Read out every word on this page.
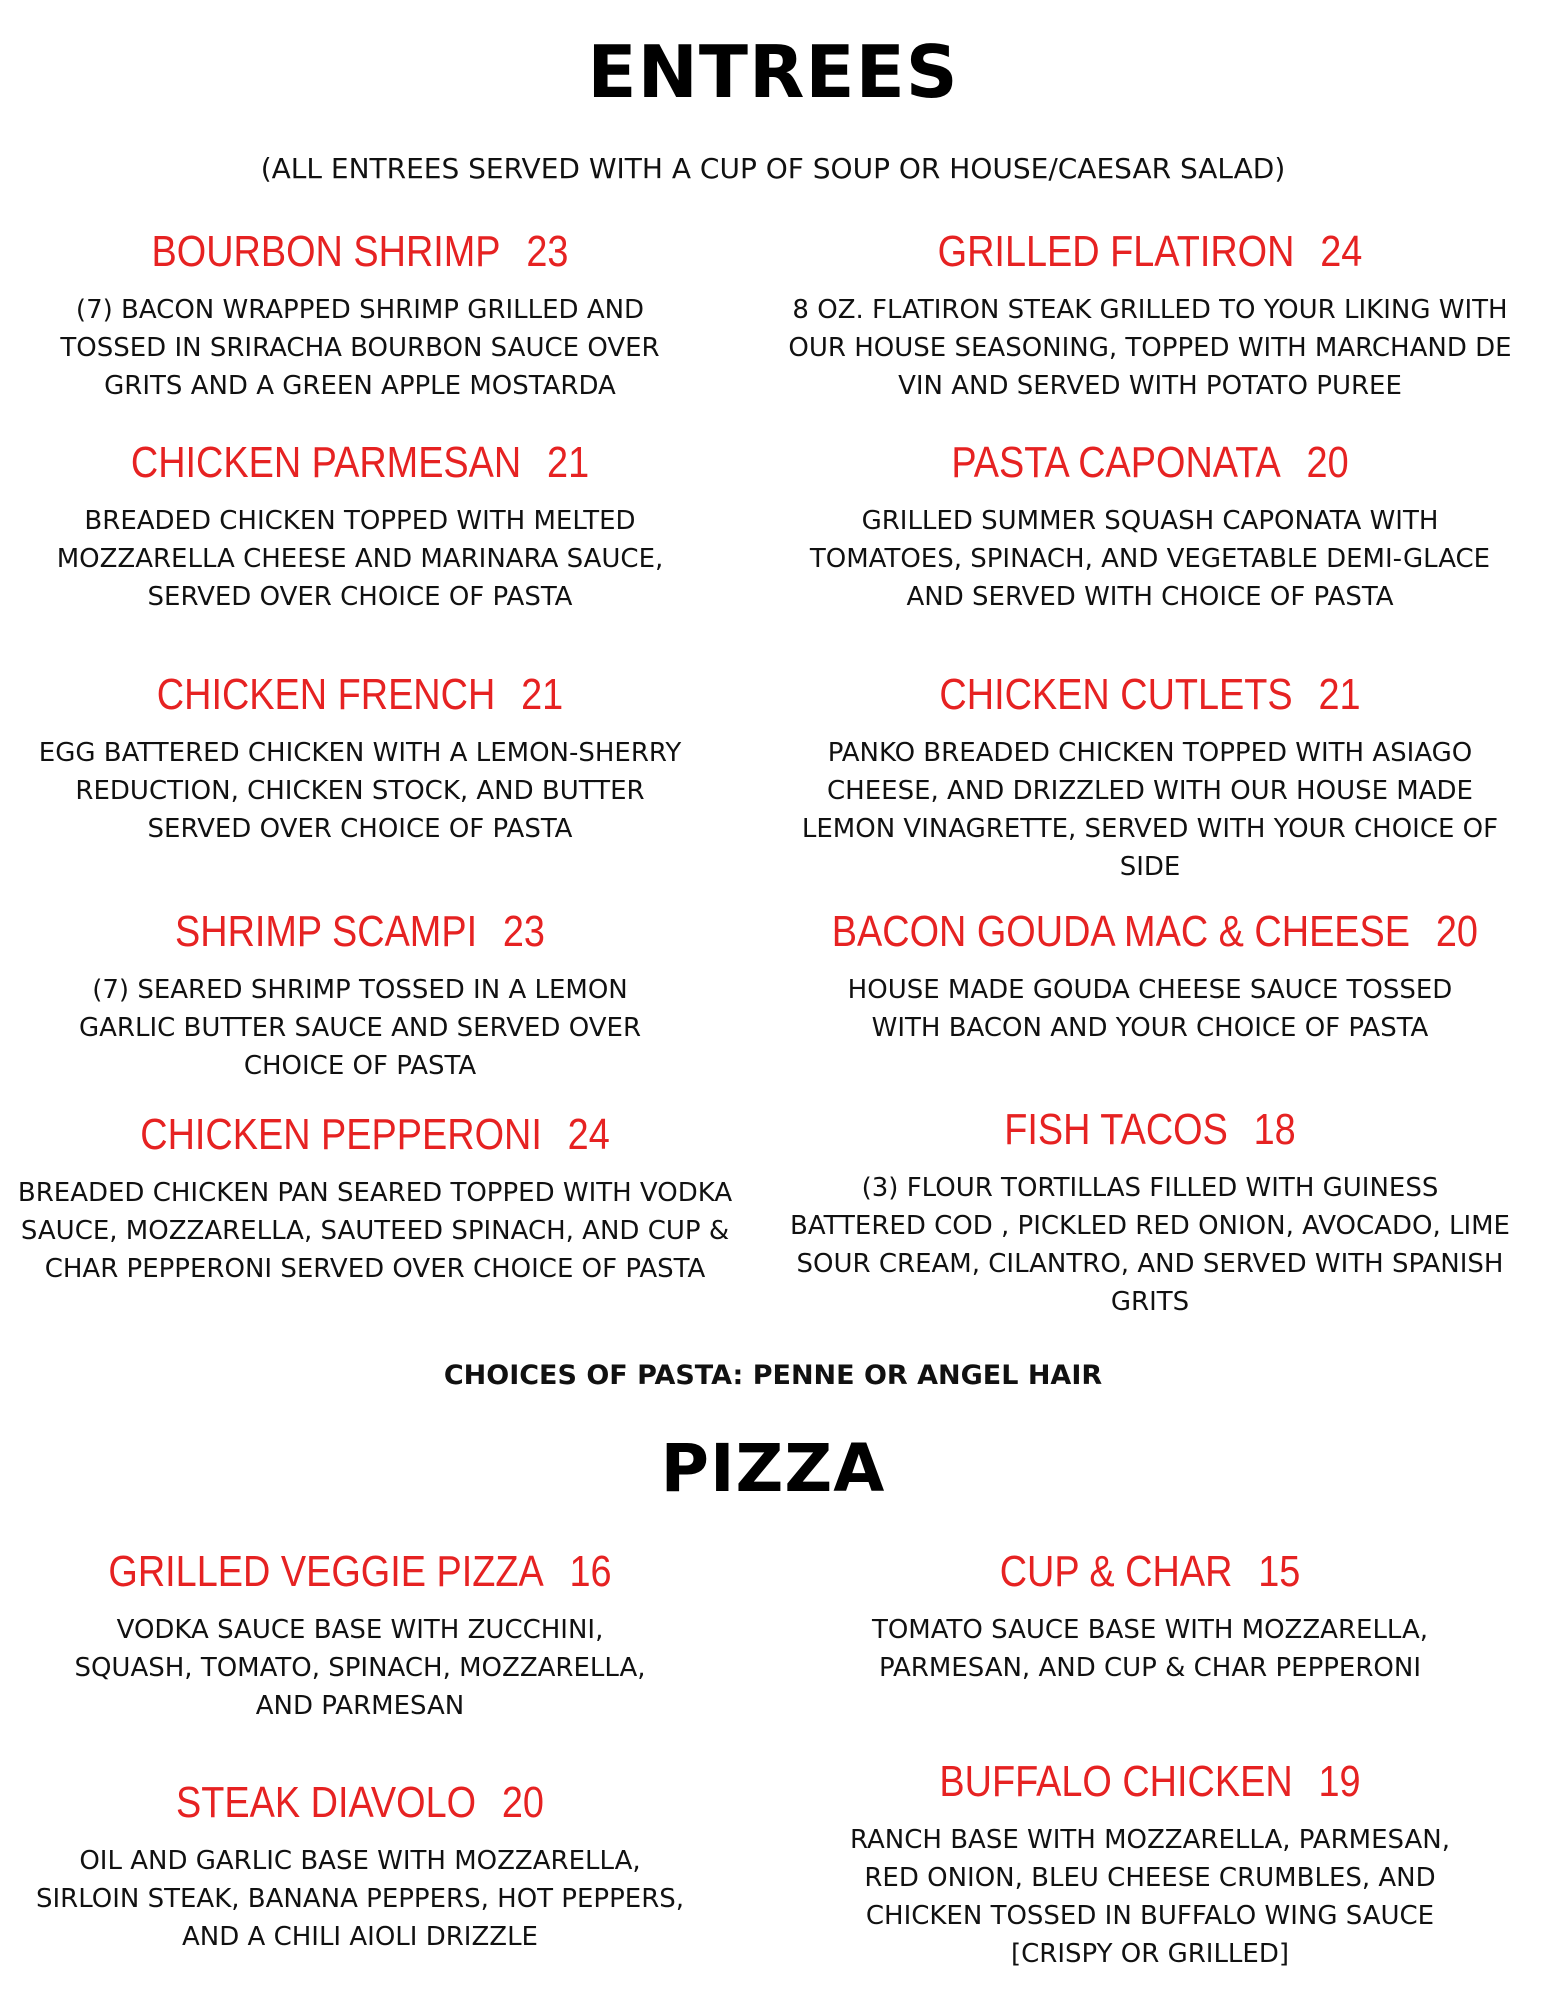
ENTREES
(ALL ENTREES SERVED WITH A CUP OF SOUP OR HOUSE/CAESAR SALAD)
BOURBON SHRIMP 23
(7) BACON WRAPPED SHRIMP GRILLED AND TOSSED IN SRIRACHA BOURBON SAUCE OVER GRITS AND A GREEN APPLE MOSTARDA
CHICKEN PARMESAN 21
BREADED CHICKEN TOPPED WITH MELTED MOZZARELLA CHEESE AND MARINARA SAUCE, SERVED OVER CHOICE OF PASTA
CHICKEN FRENCH 21
EGG BATTERED CHICKEN WITH A LEMON-SHERRY REDUCTION, CHICKEN STOCK, AND BUTTER SERVED OVER CHOICE OF PASTA
SHRIMP SCAMPI 23
(7) SEARED SHRIMP TOSSED IN A LEMON GARLIC BUTTER SAUCE AND SERVED OVER CHOICE OF PASTA
CHICKEN PEPPERONI 24
BREADED CHICKEN PAN SEARED TOPPED WITH VODKA SAUCE, MOZZARELLA, SAUTEED SPINACH, AND CUP & CHAR PEPPERONI SERVED OVER CHOICE OF PASTA
GRILLED FLATIRON 24
8 OZ. FLATIRON STEAK GRILLED TO YOUR LIKING WITH OUR HOUSE SEASONING, TOPPED WITH MARCHAND DE VIN AND SERVED WITH POTATO PUREE
PASTA CAPONATA 20
GRILLED SUMMER SQUASH CAPONATA WITH TOMATOES, SPINACH, AND VEGETABLE DEMI-GLACE AND SERVED WITH CHOICE OF PASTA
CHICKEN CUTLETS 21
PANKO BREADED CHICKEN TOPPED WITH ASIAGO CHEESE, AND DRIZZLED WITH OUR HOUSE MADE LEMON VINAGRETTE, SERVED WITH YOUR CHOICE OF SIDE
BACON GOUDA MAC & CHEESE 20
HOUSE MADE GOUDA CHEESE SAUCE TOSSED WITH BACON AND YOUR CHOICE OF PASTA
FISH TACOS 18
(3) FLOUR TORTILLAS FILLED WITH GUINESS BATTERED COD , PICKLED RED ONION, AVOCADO, LIME SOUR CREAM, CILANTRO, AND SERVED WITH SPANISH GRITS
CHOICES OF PASTA: PENNE OR ANGEL HAIR
PIZZA
GRILLED VEGGIE PIZZA 16
VODKA SAUCE BASE WITH ZUCCHINI, SQUASH, TOMATO, SPINACH, MOZZARELLA, AND PARMESAN
CUP & CHAR 15
TOMATO SAUCE BASE WITH MOZZARELLA, PARMESAN, AND CUP & CHAR PEPPERONI
STEAK DIAVOLO 20
OIL AND GARLIC BASE WITH MOZZARELLA, SIRLOIN STEAK, BANANA PEPPERS, HOT PEPPERS, AND A CHILI AIOLI DRIZZLE
BUFFALO CHICKEN 19
RANCH BASE WITH MOZZARELLA, PARMESAN, RED ONION, BLEU CHEESE CRUMBLES, AND CHICKEN TOSSED IN BUFFALO WING SAUCE [CRISPY OR GRILLED]
